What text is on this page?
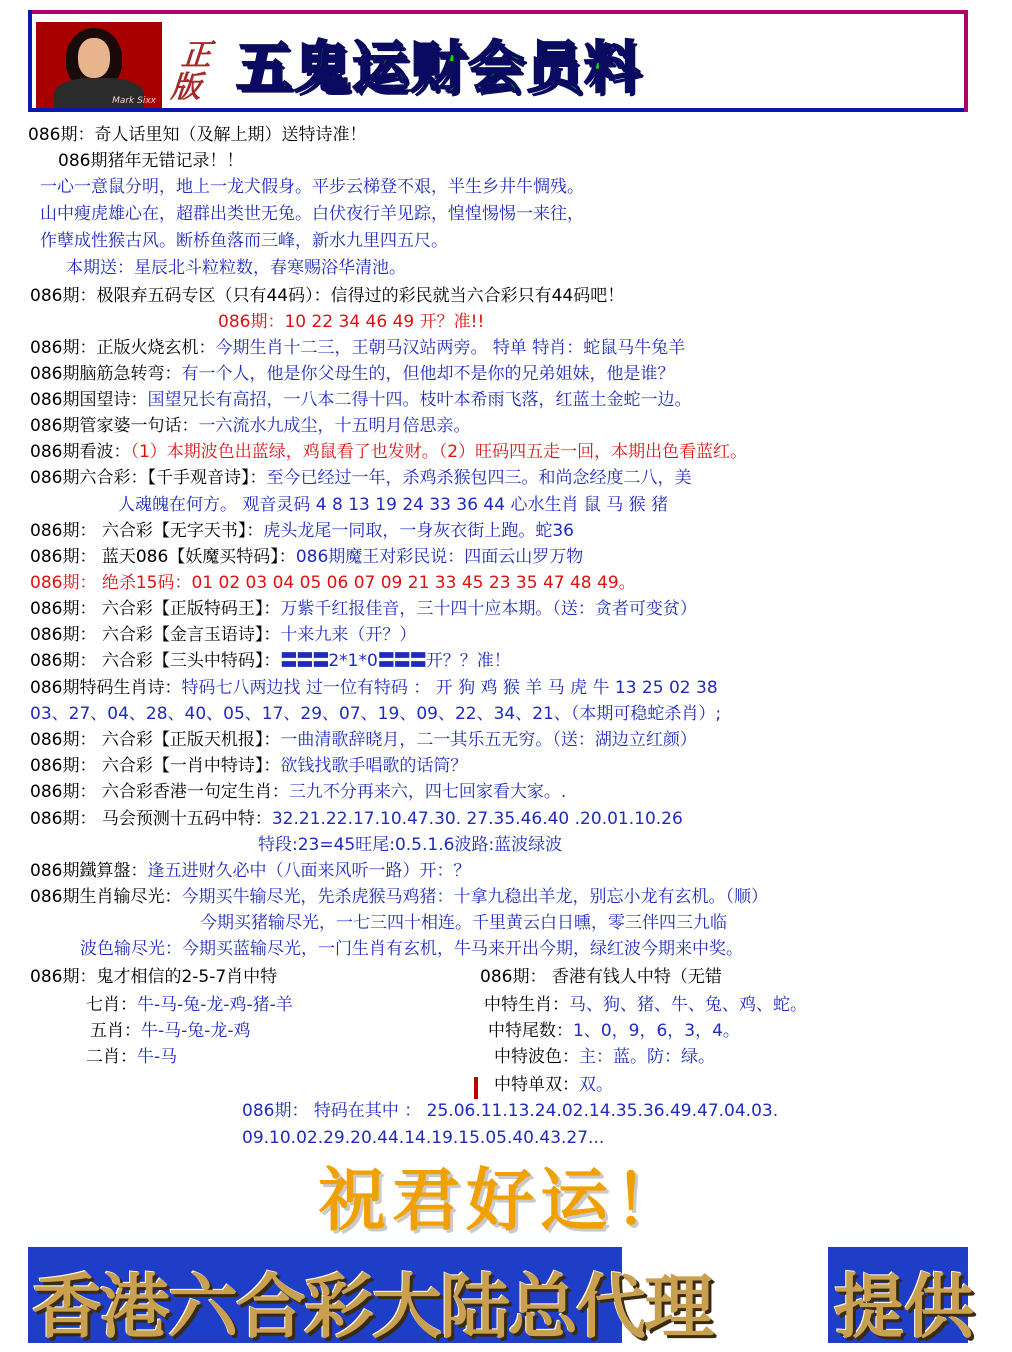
Mark Sixx
正版 五鬼运财会员料
086期：奇人话里知（及解上期）送特诗准！
086期猪年无错记录！！
一心一意鼠分明，地上一龙犬假身。平步云梯登不艰，半生乡井牛惆残。
山中瘦虎雄心在，超群出类世无兔。白伏夜行羊见踪，惶惶惕惕一来往，
作孽成性猴古风。断桥鱼落而三峰，新水九里四五尺。
本期送：星辰北斗粒粒数，春寒赐浴华清池。
086期：极限弃五码专区（只有44码）：信得过的彩民就当六合彩只有44码吧！
086期：10 22 34 46 49 开？准!!
086期：正版火烧玄机：今期生肖十二三，王朝马汉站两旁。 特单 特肖：蛇鼠马牛兔羊
086期脑筋急转弯：有一个人，他是你父母生的，但他却不是你的兄弟姐妹，他是谁？
086期国望诗：国望兄长有高招，一八本二得十四。枝叶本希雨飞落，红蓝土金蛇一边。
086期管家婆一句话：一六流水九成尘，十五明月倍思亲。
086期看波：（1）本期波色出蓝绿，鸡鼠看了也发财。（2）旺码四五走一回，本期出色看蓝红。
086期六合彩：【千手观音诗】：至今已经过一年，杀鸡杀猴包四三。和尚念经度二八，美
人魂魄在何方。 观音灵码 4 8 13 19 24 33 36 44 心水生肖 鼠 马 猴 猪
086期： 六合彩【无字天书】：虎头龙尾一同取，一身灰衣街上跑。蛇36
086期： 蓝天086【妖魔买特码】：086期魔王对彩民说：四面云山罗万物
086期： 绝杀15码：01 02 03 04 05 06 07 09 21 33 45 23 35 47 48 49。
086期： 六合彩【正版特码王】：万紫千红报佳音，三十四十应本期。（送：贪者可变贫）
086期： 六合彩【金言玉语诗】：十来九来（开？）
086期： 六合彩【三头中特码】：〓〓〓2*1*0〓〓〓开？？准！
086期特码生肖诗：特码七八两边找 过一位有特码 ： 开 狗 鸡 猴 羊 马 虎 牛 13 25 02 38
03、27、04、28、40、05、17、29、07、19、09、22、34、21、（本期可稳蛇杀肖）;
086期： 六合彩【正版天机报】：一曲清歌辞晓月，二一其乐五无穷。（送：湖边立红颜）
086期： 六合彩【一肖中特诗】：欲钱找歌手唱歌的话筒？
086期： 六合彩香港一句定生肖：三九不分再来六，四七回家看大家。.
086期： 马会预测十五码中特：32.21.22.17.10.47.30. 27.35.46.40 .20.01.10.26
特段:23=45旺尾:0.5.1.6波路:蓝波绿波
086期鐵算盤：逢五进财久必中（八面来风听一路）开：？
086期生肖输尽光：今期买牛输尽光，先杀虎猴马鸡猪：十拿九稳出羊龙，别忘小龙有玄机。（顺）
今期买猪输尽光，一七三四十相连。千里黄云白日曛，零三伴四三九临
波色输尽光：今期买蓝输尽光，一门生肖有玄机，牛马来开出今期，绿红波今期来中奖。
086期：鬼才相信的2-5-7肖中特
七肖：牛-马-兔-龙-鸡-猪-羊
五肖：牛-马-兔-龙-鸡
二肖：牛-马
086期： 香港有钱人中特（无错
中特生肖：马、狗、猪、牛、兔、鸡、蛇。
中特尾数：1、0，9，6，3，4。
中特波色：主：蓝。防：绿。
中特单双：双。
086期： 特码在其中 ： 25.06.11.13.24.02.14.35.36.49.47.04.03.
09.10.02.29.20.44.14.19.15.05.40.43.27...
祝君好运！
香港六合彩大陆总代理 提供
